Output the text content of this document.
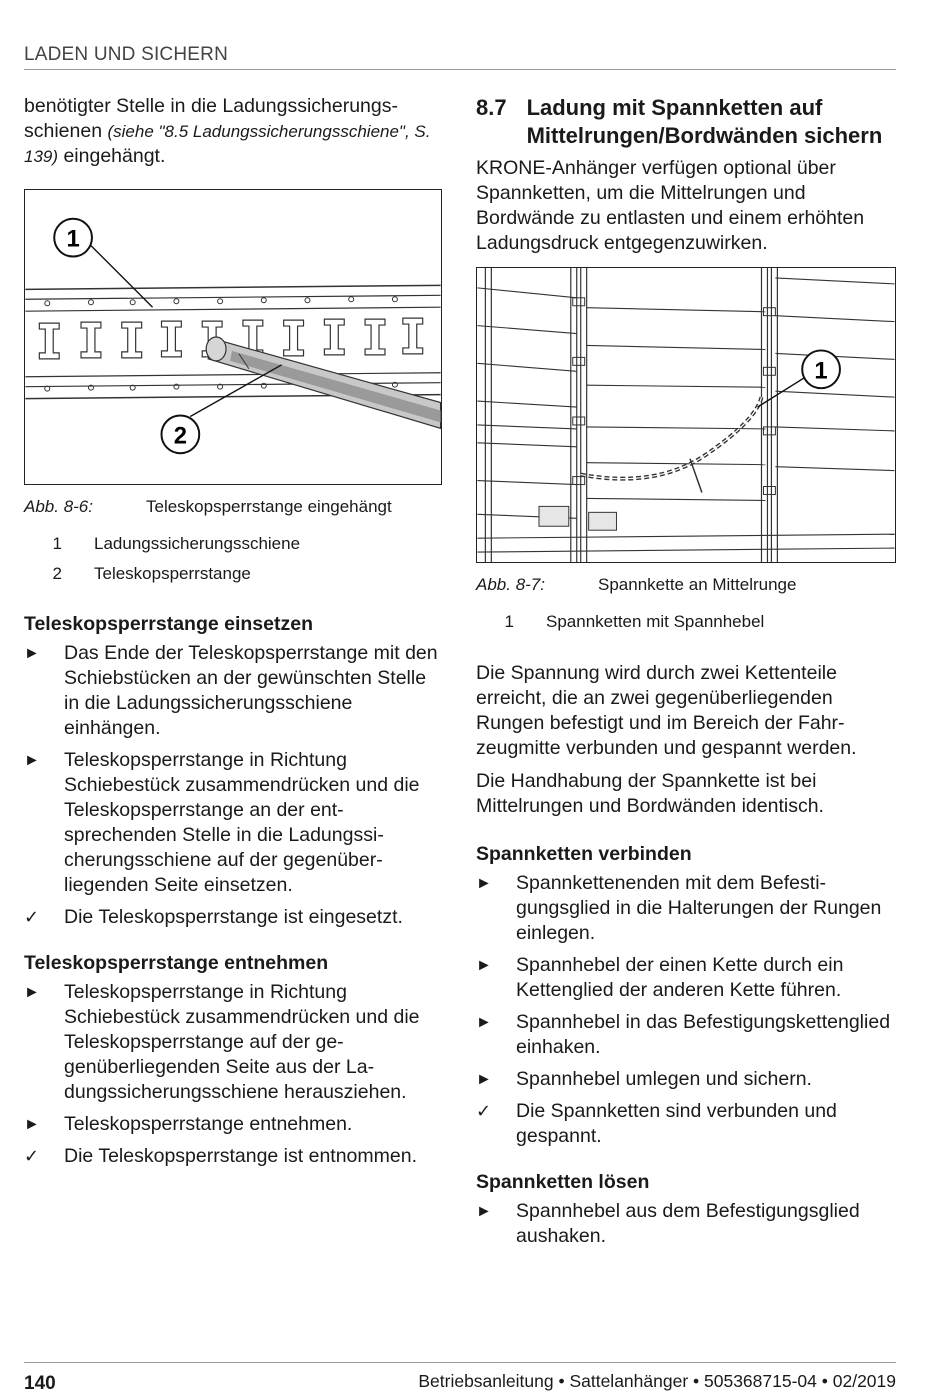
LADEN UND SICHERN

benötigter Stelle in die Ladungssicherungsschienen (siehe "8.5 Ladungssicherungsschiene", S. 139) eingehängt.

1
2
Abb. 8-6:	Teleskopsperrstange eingehängt
1	Ladungssicherungsschiene
2	Teleskopsperrstange
Teleskopsperrstange einsetzen
►	Das Ende der Teleskopsperrstange mit den Schiebstücken an der gewünschten Stelle in die Ladungssicherungsschiene einhängen.
►	Teleskopsperrstange in Richtung Schiebestück zusammendrücken und die Teleskopsperrstange an der entsprechenden Stelle in die Ladungssicherungsschiene auf der gegenüberliegenden Seite einsetzen.
✓	Die Teleskopsperrstange ist eingesetzt.
Teleskopsperrstange entnehmen
►	Teleskopsperrstange in Richtung Schiebestück zusammendrücken und die Teleskopsperrstange auf der gegenüberliegenden Seite aus der Ladungssicherungsschiene herausziehen.
►	Teleskopsperrstange entnehmen.
✓	Die Teleskopsperrstange ist entnommen.
8.7 Ladung mit Spannketten auf Mittelrungen/Bordwänden sichern

KRONE-Anhänger verfügen optional über Spannketten, um die Mittelrungen und Bordwände zu entlasten und einem erhöhten Ladungsdruck entgegenzuwirken.

1
Abb. 8-7:	Spannkette an Mittelrunge
1	Spannketten mit Spannhebel

Die Spannung wird durch zwei Kettenteile erreicht, die an zwei gegenüberliegenden Rungen befestigt und im Bereich der Fahrzeugmitte verbunden und gespannt werden.

Die Handhabung der Spannkette ist bei Mittelrungen und Bordwänden identisch.

Spannketten verbinden
►	Spannkettenenden mit dem Befestigungsglied in die Halterungen der Rungen einlegen.
►	Spannhebel der einen Kette durch ein Kettenglied der anderen Kette führen.
►	Spannhebel in das Befestigungskettenglied einhaken.
►	Spannhebel umlegen und sichern.
✓	Die Spannketten sind verbunden und gespannt.
Spannketten lösen
►	Spannhebel aus dem Befestigungsglied aushaken.
140	Betriebsanleitung • Sattelanhänger • 505368715-04 • 02/2019
